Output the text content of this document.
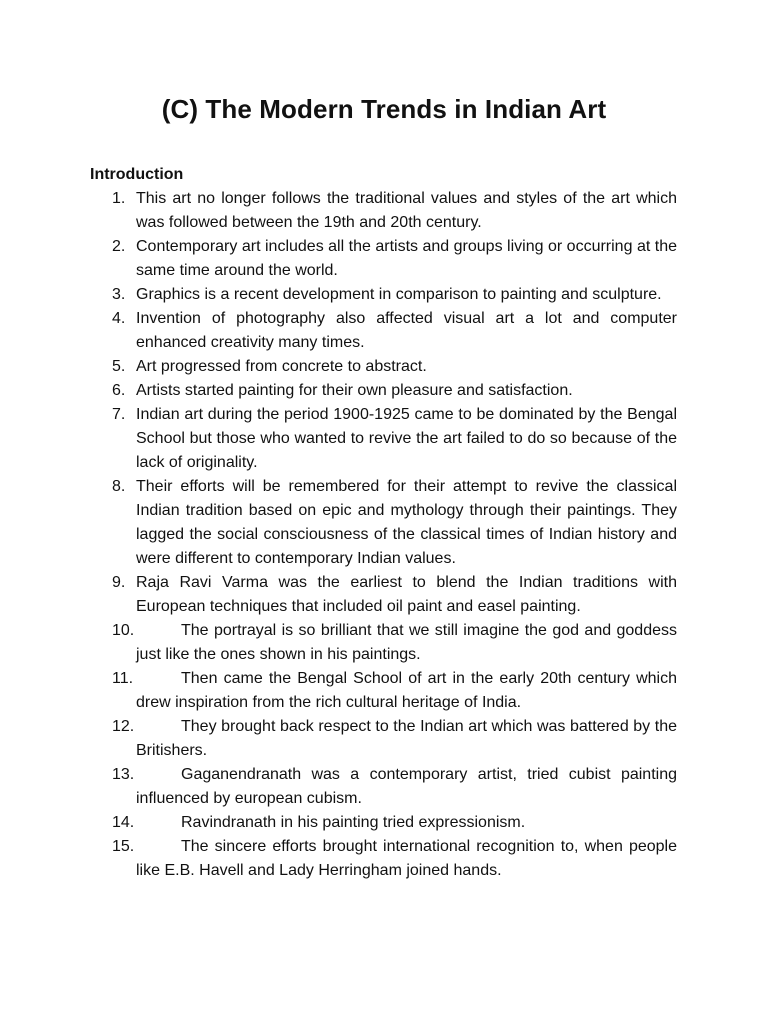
(C) The Modern Trends in Indian Art

Introduction

1. This art no longer follows the traditional values and styles of the art which was followed between the 19th and 20th century.
2. Contemporary art includes all the artists and groups living or occurring at the same time around the world.
3. Graphics is a recent development in comparison to painting and sculpture.
4. Invention of photography also affected visual art a lot and computer enhanced creativity many times.
5. Art progressed from concrete to abstract.
6. Artists started painting for their own pleasure and satisfaction.
7. Indian art during the period 1900-1925 came to be dominated by the Bengal School but those who wanted to revive the art failed to do so because of the lack of originality.
8. Their efforts will be remembered for their attempt to revive the classical Indian tradition based on epic and mythology through their paintings. They lagged the social consciousness of the classical times of Indian history and were different to contemporary Indian values.
9. Raja Ravi Varma was the earliest to blend the Indian traditions with European techniques that included oil paint and easel painting.
10.	The portrayal is so brilliant that we still imagine the god and goddess just like the ones shown in his paintings.
11.	Then came the Bengal School of art in the early 20th century which drew inspiration from the rich cultural heritage of India.
12.	They brought back respect to the Indian art which was battered by the Britishers.
13.	Gaganendranath was a contemporary artist, tried cubist painting influenced by european cubism.
14.	Ravindranath in his painting tried expressionism.
15.	The sincere efforts brought international recognition to, when people like E.B. Havell and Lady Herringham joined hands.
